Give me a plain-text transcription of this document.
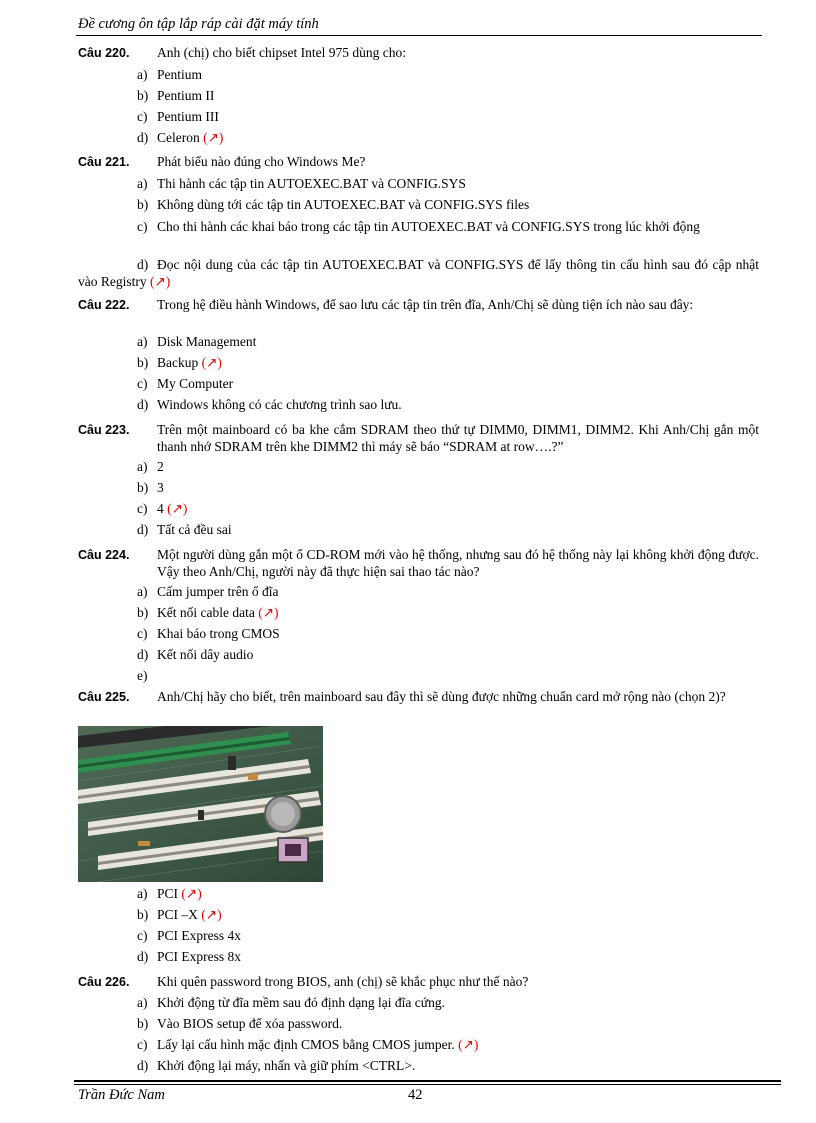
Đề cương ôn tập lắp ráp cài đặt máy tính
Câu 220. Anh (chị) cho biết chipset Intel 975 dùng cho:
a) Pentium
b) Pentium II
c) Pentium III
d) Celeron (↗)
Câu 221. Phát biểu nào đúng cho Windows Me?
a) Thi hành các tập tin AUTOEXEC.BAT và CONFIG.SYS
b) Không dùng tới các tập tin AUTOEXEC.BAT và CONFIG.SYS files
c) Cho thi hành các khai báo trong các tập tin AUTOEXEC.BAT và CONFIG.SYS trong lúc khởi động
d) Đọc nội dung của các tập tin AUTOEXEC.BAT và CONFIG.SYS để lấy thông tin cấu hình sau đó cập nhật vào Registry (↗)
Câu 222. Trong hệ điều hành Windows, để sao lưu các tập tin trên đĩa, Anh/Chị sẽ dùng tiện ích nào sau đây:
a) Disk Management
b) Backup (↗)
c) My Computer
d) Windows không có các chương trình sao lưu.
Câu 223. Trên một mainboard có ba khe cắm SDRAM theo thứ tự DIMM0, DIMM1, DIMM2. Khi Anh/Chị gắn một thanh nhớ SDRAM trên khe DIMM2 thì máy sẽ báo “SDRAM at row….?”
a) 2
b) 3
c) 4 (↗)
d) Tất cả đều sai
Câu 224. Một người dùng gắn một ổ CD-ROM mới vào hệ thống, nhưng sau đó hệ thống này lại không khởi động được. Vậy theo Anh/Chị, người này đã thực hiện sai thao tác nào?
a) Cấm jumper trên ổ đĩa
b) Kết nối cable data (↗)
c) Khai báo trong CMOS
d) Kết nối dây audio
e)
Câu 225. Anh/Chị hãy cho biết, trên mainboard sau đây thì sẽ dùng được những chuẩn card mở rộng nào (chọn 2)?
a) PCI (↗)
b) PCI –X (↗)
c) PCI Express 4x
d) PCI Express 8x
Câu 226. Khi quên password trong BIOS, anh (chị) sẽ khắc phục như thế nào?
a) Khởi động từ đĩa mềm sau đó định dạng lại đĩa cứng.
b) Vào BIOS setup để xóa password.
c) Lấy lại cấu hình mặc định CMOS bằng CMOS jumper. (↗)
d) Khởi động lại máy, nhấn và giữ phím <CTRL>.
Trần Đức Nam	42
